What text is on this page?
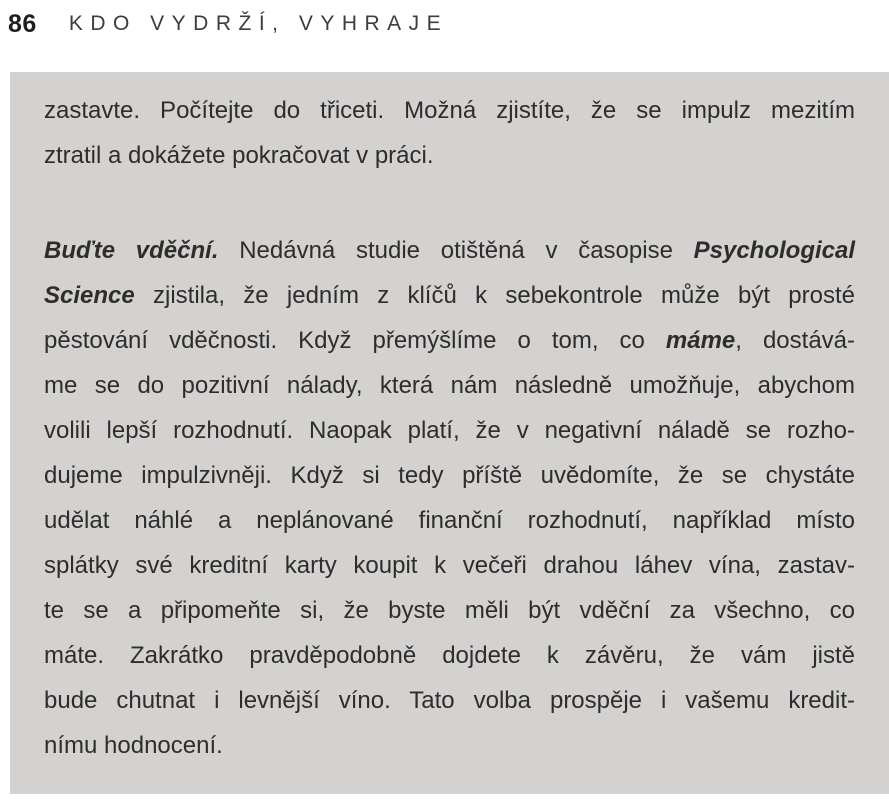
86 KDO VYDRŽÍ, VYHRAJE
zastavte. Počítejte do třiceti. Možná zjistíte, že se impulz mezitím
ztratil a dokážete pokračovat v práci.
Buďte vděční. Nedávná studie otištěná v časopise Psychological
Science zjistila, že jedním z klíčů k sebekontrole může být prosté
pěstování vděčnosti. Když přemýšlíme o tom, co máme, dostává-
me se do pozitivní nálady, která nám následně umožňuje, abychom
volili lepší rozhodnutí. Naopak platí, že v negativní náladě se rozho-
dujeme impulzivněji. Když si tedy příště uvědomíte, že se chystáte
udělat náhlé a neplánované finanční rozhodnutí, například místo
splátky své kreditní karty koupit k večeři drahou láhev vína, zastav-
te se a připomeňte si, že byste měli být vděční za všechno, co
máte. Zakrátko pravděpodobně dojdete k závěru, že vám jistě
bude chutnat i levnější víno. Tato volba prospěje i vašemu kredit-
nímu hodnocení.
